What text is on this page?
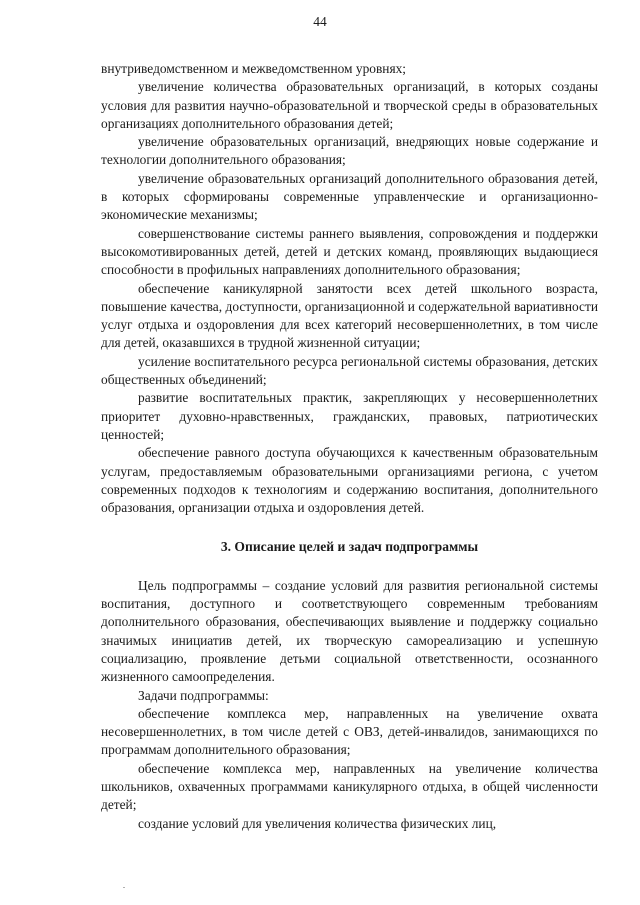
44

внутриведомственном и межведомственном уровнях;

увеличение количества образовательных организаций, в которых созданы условия для развития научно-образовательной и творческой среды в образовательных организациях дополнительного образования детей;

увеличение образовательных организаций, внедряющих новые содержание и технологии дополнительного образования;

увеличение образовательных организаций дополнительного образования детей, в которых сформированы современные управленческие и организационно-экономические механизмы;

совершенствование системы раннего выявления, сопровождения и поддержки высокомотивированных детей, детей и детских команд, проявляющих выдающиеся способности в профильных направлениях дополнительного образования;

обеспечение каникулярной занятости всех детей школьного возраста, повышение качества, доступности, организационной и содержательной вариативности услуг отдыха и оздоровления для всех категорий несовершеннолетних, в том числе для детей, оказавшихся в трудной жизненной ситуации;

усиление воспитательного ресурса региональной системы образования, детских общественных объединений;

развитие воспитательных практик, закрепляющих у несовершеннолетних приоритет духовно-нравственных, гражданских, правовых, патриотических ценностей;

обеспечение равного доступа обучающихся к качественным образовательным услугам, предоставляемым образовательными организациями региона, с учетом современных подходов к технологиям и содержанию воспитания, дополнительного образования, организации отдыха и оздоровления детей.

3. Описание целей и задач подпрограммы

Цель подпрограммы – создание условий для развития региональной системы воспитания, доступного и соответствующего современным требованиям дополнительного образования, обеспечивающих выявление и поддержку социально значимых инициатив детей, их творческую самореализацию и успешную социализацию, проявление детьми социальной ответственности, осознанного жизненного самоопределения.

Задачи подпрограммы:

обеспечение комплекса мер, направленных на увеличение охвата несовершеннолетних, в том числе детей с ОВЗ, детей-инвалидов, занимающихся по программам дополнительного образования;

обеспечение комплекса мер, направленных на увеличение количества школьников, охваченных программами каникулярного отдыха, в общей численности детей;

создание условий для увеличения количества физических лиц,
